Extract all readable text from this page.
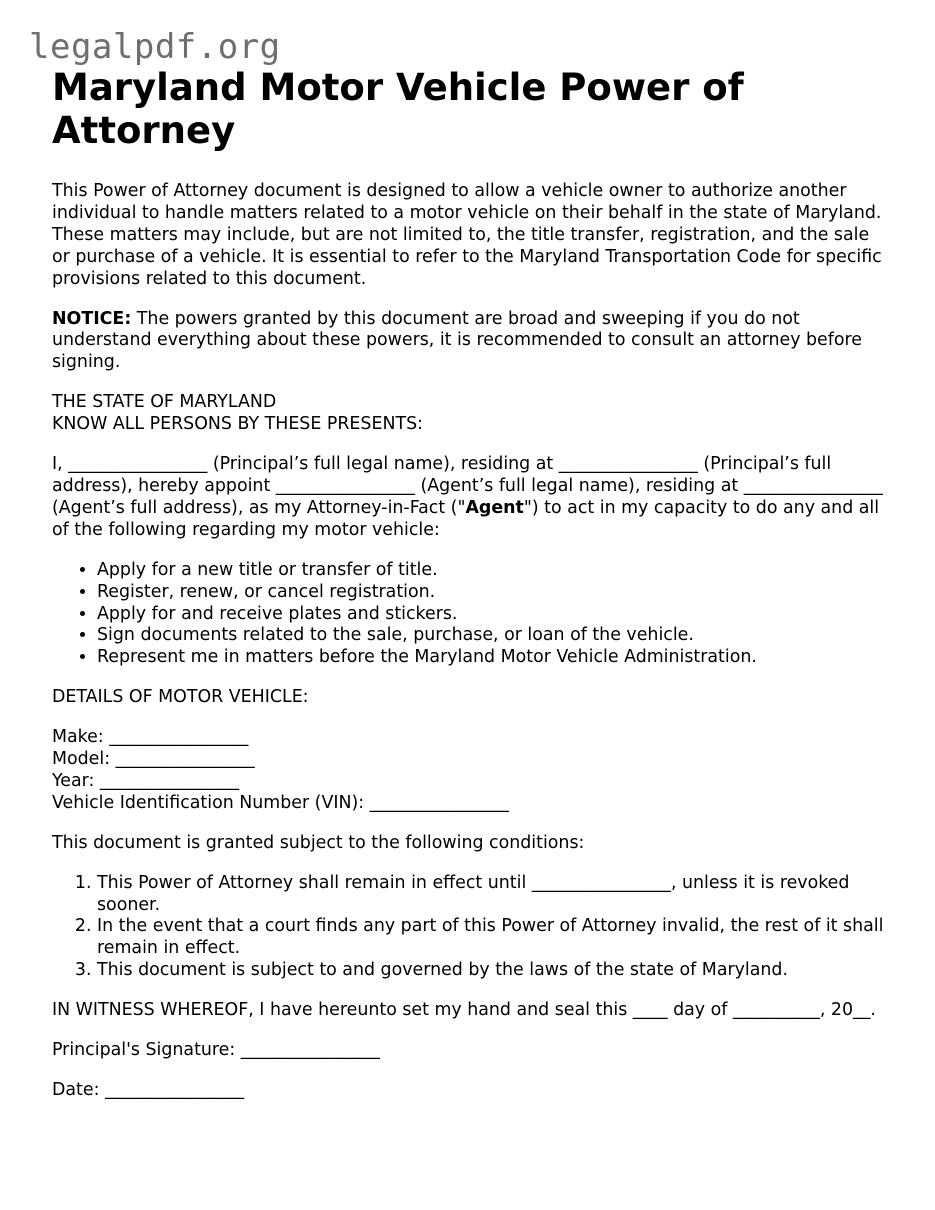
legalpdf.org
Maryland Motor Vehicle Power of Attorney

This Power of Attorney document is designed to allow a vehicle owner to authorize another individual to handle matters related to a motor vehicle on their behalf in the state of Maryland. These matters may include, but are not limited to, the title transfer, registration, and the sale or purchase of a vehicle. It is essential to refer to the Maryland Transportation Code for specific provisions related to this document.

NOTICE: The powers granted by this document are broad and sweeping if you do not understand everything about these powers, it is recommended to consult an attorney before signing.

THE STATE OF MARYLAND
KNOW ALL PERSONS BY THESE PRESENTS:

I, ________________ (Principal’s full legal name), residing at ________________ (Principal’s full address), hereby appoint ________________ (Agent’s full legal name), residing at ________________ (Agent’s full address), as my Attorney-in-Fact ("Agent") to act in my capacity to do any and all of the following regarding my motor vehicle:

• Apply for a new title or transfer of title.
• Register, renew, or cancel registration.
• Apply for and receive plates and stickers.
• Sign documents related to the sale, purchase, or loan of the vehicle.
• Represent me in matters before the Maryland Motor Vehicle Administration.

DETAILS OF MOTOR VEHICLE:

Make: ________________
Model: ________________
Year: ________________
Vehicle Identification Number (VIN): ________________

This document is granted subject to the following conditions:

1. This Power of Attorney shall remain in effect until ________________, unless it is revoked sooner.
2. In the event that a court finds any part of this Power of Attorney invalid, the rest of it shall remain in effect.
3. This document is subject to and governed by the laws of the state of Maryland.

IN WITNESS WHEREOF, I have hereunto set my hand and seal this ____ day of __________, 20__.

Principal's Signature: ________________

Date: ________________
